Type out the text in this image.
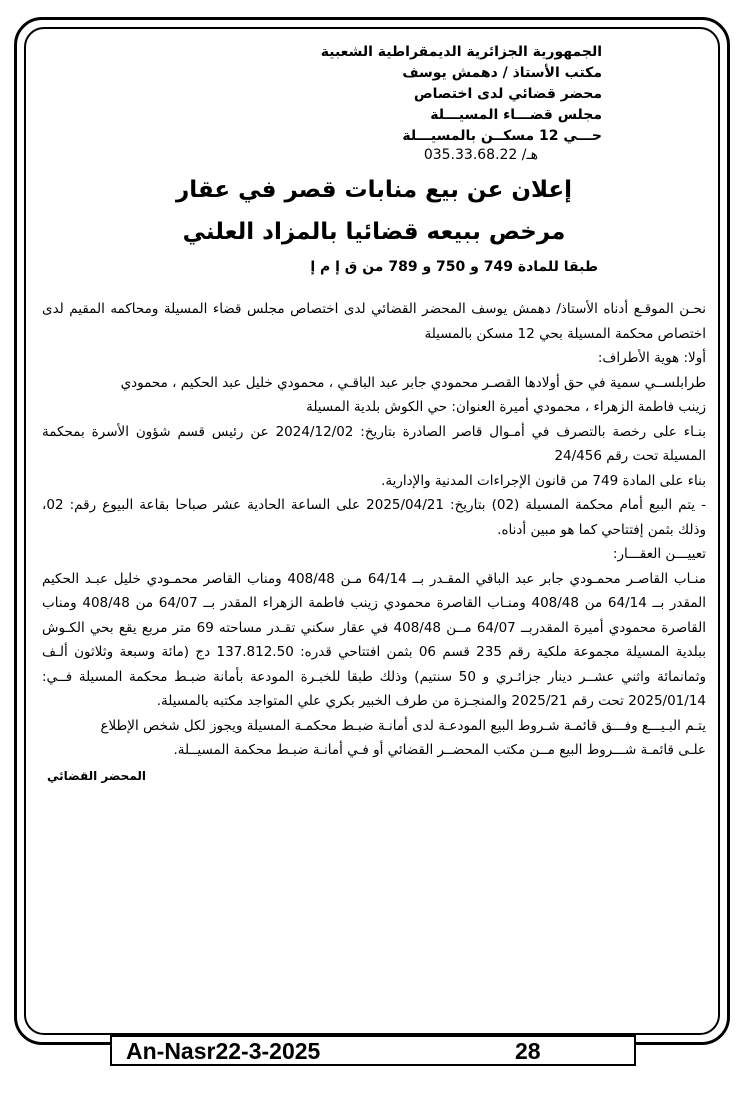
الجمهورية الجزائرية الديمقراطية الشعبية
مكتب الأستاذ / دهمش يوسف
محضر قضائي لدى اختصاص
مجلس قضـــاء المسيـــلة
حـــي 12 مسكــن بالمسيـــلة
هـ/ 035.33.68.22
إعلان عن بيع منابات قصر في عقار
مرخص ببيعه قضائيا بالمزاد العلني
طبقا للمادة 749 و 750 و 789 من ق إ م إ

نحـن الموقـع أدناه الأستاذ/ دهمش يوسف المحضر القضائي لدى اختصاص مجلس قضاء المسيلة ومحاكمه المقيم لدى اختصاص محكمة المسيلة بحي 12 مسكن بالمسيلة

أولا: هوية الأطراف:

طرابلســي سمية في حق أولادها القصـر محمودي جابر عبد الباقـي ، محمودي خليل عبد الحكيم ، محمودي

زينب فاطمة الزهراء ، محمودي أميرة العنوان: حي الكوش بلدية المسيلة

بنـاء على رخصة بالتصرف في أمـوال قاصر الصادرة بتاريخ: 2024/12/02 عن رئيس قسم شؤون الأسرة بمحكمة المسيلة تحت رقم 24/456

بناء على المادة 749 من قانون الإجراءات المدنية والإدارية.

- يتم البيع أمام محكمة المسيلة (02) بتاريخ: 2025/04/21 على الساعة الحادية عشر صباحا بقاعة البيوع رقم: 02، وذلك بثمن إفتتاحي كما هو مبين أدناه.

تعييـــن العقـــار:

منـاب القاصـر محمـودي جابر عبد الباقي المقـدر بــ 64/14 مـن 408/48 ومناب القاصر محمـودي خليل عبـد الحكيم المقدر بــ 64/14 من 408/48 ومنـاب القاصرة محمودي زينب فاطمة الزهراء المقدر بــ 64/07 من 408/48 ومناب القاصرة محمودي أميرة المقدربــ 64/07 مــن 408/48 في عقار سكني تقـدر مساحته 69 متر مربع يقع بحي الكـوش ببلدية المسيلة مجموعة ملكية رقم 235 قسم 06 بثمن افتتاحي قدره: 137.812.50 دج (مائة وسبعة وثلاثون ألـف وثمانمائة واثني عشــر دينار جزائـري و 50 سنتيم) وذلك طبقا للخبـرة المودعة بأمانة ضبـط محكمة المسيلة فــي: 2025/01/14 تحت رقم 2025/21 والمنجـزة من طرف الخبير بكري علي المتواجد مكتبه بالمسيلة.

يتـم البـيـــع وفـــق قائمـة شـروط البيع المودعـة لدى أمانـة ضبـط محكمـة المسيلة ويجوز لكل شخص الإطلاع

علـى قائمـة شـــروط البيع مــن مكتب المحضــر القضائي أو فـي أمانـة ضبـط محكمة المسيــلة.

المحضر القضائي
An-Nasr22-3-2025	28
